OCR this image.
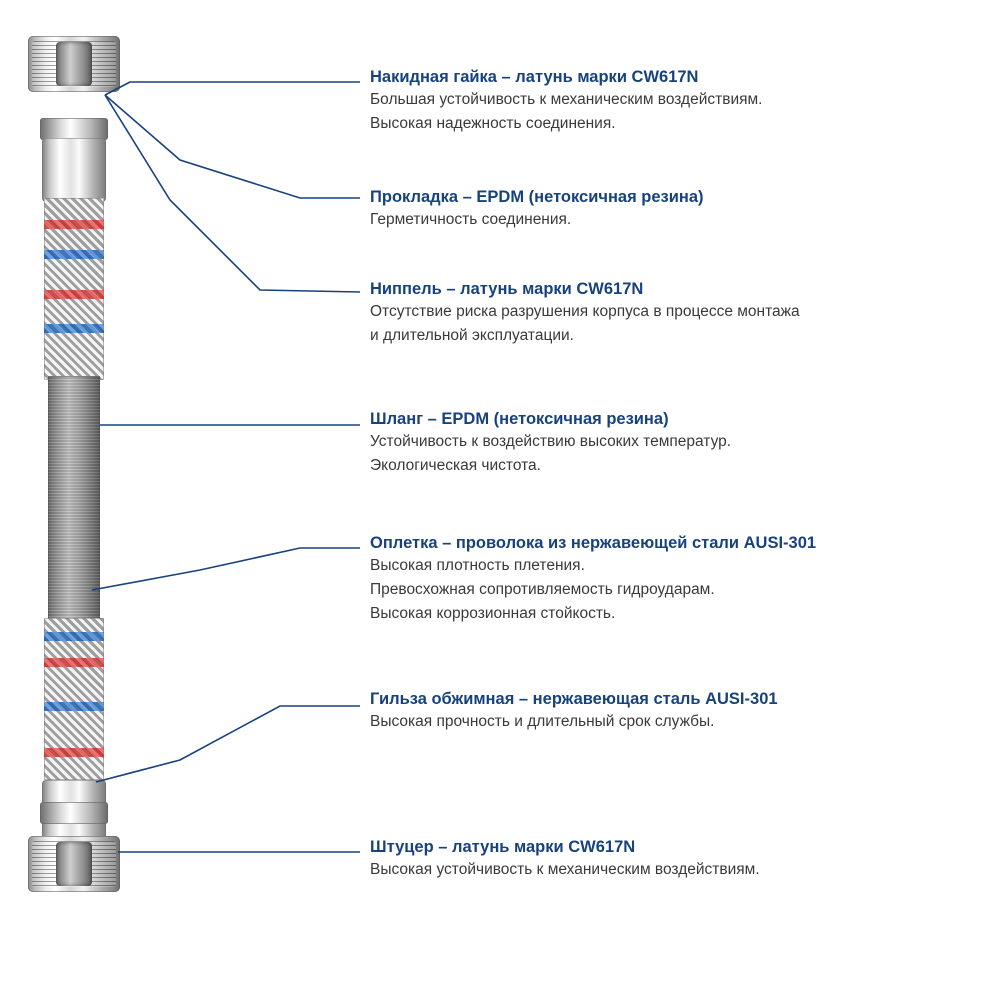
Накидная гайка – латунь марки CW617N
Большая устойчивость к механическим воздействиям.
Высокая надежность соединения.
Прокладка – EPDM (нетоксичная резина)
Герметичность соединения.
Ниппель – латунь марки CW617N
Отсутствие риска разрушения корпуса в процессе монтажа
и длительной эксплуатации.
Шланг – EPDM (нетоксичная резина)
Устойчивость к воздействию высоких температур.
Экологическая чистота.
Оплетка – проволока из нержавеющей стали AUSI-301
Высокая плотность плетения.
Превосхожная сопротивляемость гидроударам.
Высокая коррозионная стойкость.
Гильза обжимная – нержавеющая сталь AUSI-301
Высокая прочность и длительный срок службы.
Штуцер – латунь марки CW617N
Высокая устойчивость к механическим воздействиям.
